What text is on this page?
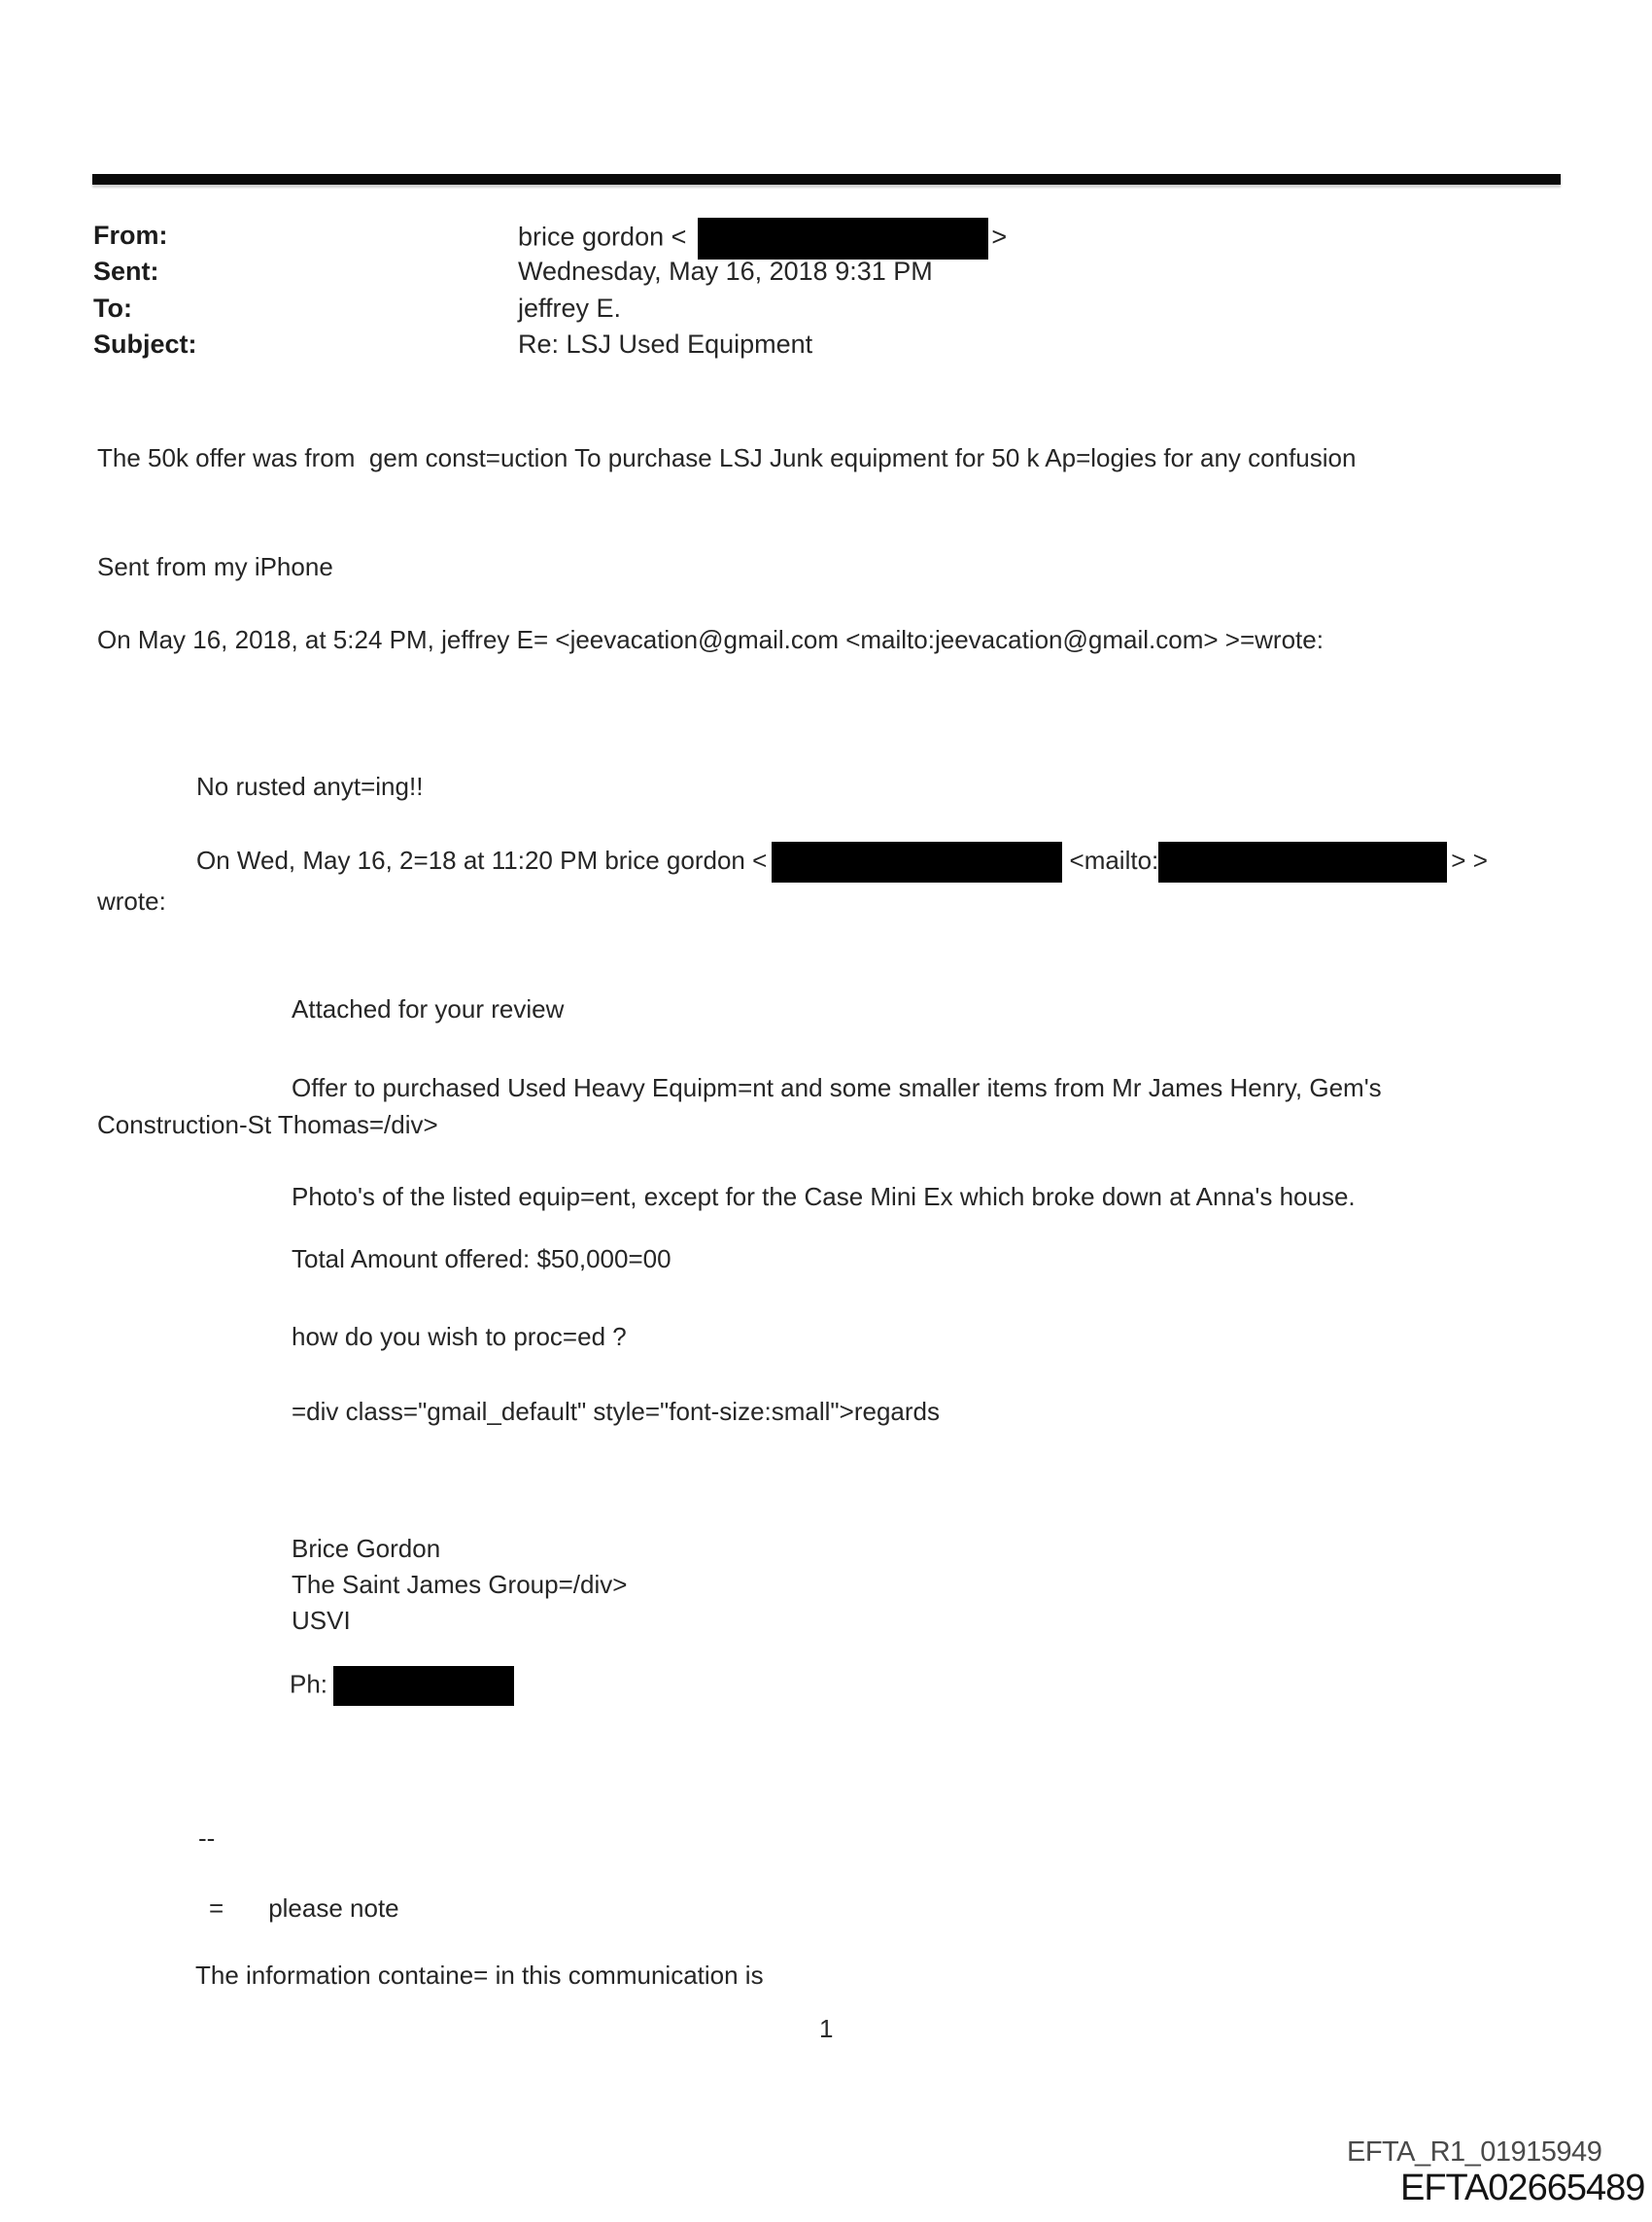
From:	brice gordon <	>
Sent:	Wednesday, May 16, 2018 9:31 PM
To:	jeffrey E.
Subject:	Re: LSJ Used Equipment
The 50k offer was from  gem const=uction To purchase LSJ Junk equipment for 50 k Ap=logies for any confusion
Sent from my iPhone
On May 16, 2018, at 5:24 PM, jeffrey E= <jeevacation@gmail.com <mailto:jeevacation@gmail.com> >=wrote:
No rusted anyt=ing!!
On Wed, May 16, 2=18 at 11:20 PM brice gordon <	<mailto:	> >
wrote:
Attached for your review
Offer to purchased Used Heavy Equipm=nt and some smaller items from Mr James Henry, Gem's
Construction-St Thomas=/div>
Photo's of the listed equip=ent, except for the Case Mini Ex which broke down at Anna's house.
Total Amount offered: $50,000=00
how do you wish to proc=ed ?
=div class="gmail_default" style="font-size:small">regards
Brice Gordon
The Saint James Group=/div>
USVI
Ph:
--
= please note
The information containe= in this communication is
1
EFTA_R1_01915949
EFTA02665489
